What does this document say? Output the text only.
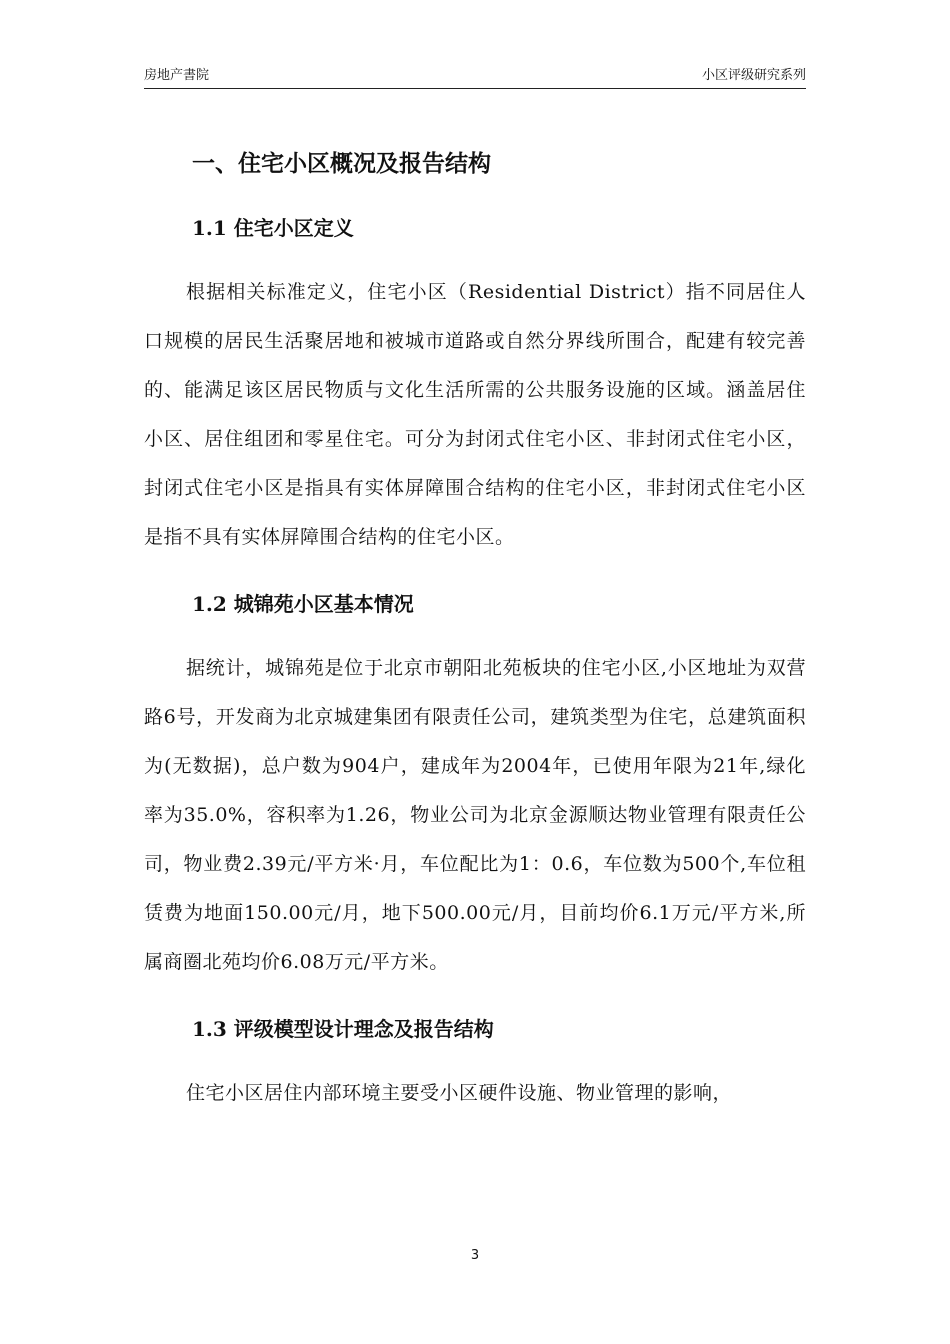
房地产書院	小区评级研究系列
一、住宅小区概况及报告结构
1.1 住宅小区定义

根据相关标准定义，住宅小区（Residential District）指不同居住人口规模的居民生活聚居地和被城市道路或自然分界线所围合，配建有较完善的、能满足该区居民物质与文化生活所需的公共服务设施的区域。涵盖居住小区、居住组团和零星住宅。可分为封闭式住宅小区、非封闭式住宅小区，封闭式住宅小区是指具有实体屏障围合结构的住宅小区，非封闭式住宅小区是指不具有实体屏障围合结构的住宅小区。

1.2 城锦苑小区基本情况

据统计，城锦苑是位于北京市朝阳北苑板块的住宅小区,小区地址为双营路6号，开发商为北京城建集团有限责任公司，建筑类型为住宅，总建筑面积为(无数据)，总户数为904户，建成年为2004年，已使用年限为21年,绿化率为35.0%，容积率为1.26，物业公司为北京金源顺达物业管理有限责任公司，物业费2.39元/平方米·月，车位配比为1：0.6，车位数为500个,车位租赁费为地面150.00元/月，地下500.00元/月，目前均价6.1万元/平方米,所属商圈北苑均价6.08万元/平方米。

1.3 评级模型设计理念及报告结构

住宅小区居住内部环境主要受小区硬件设施、物业管理的影响，

3
